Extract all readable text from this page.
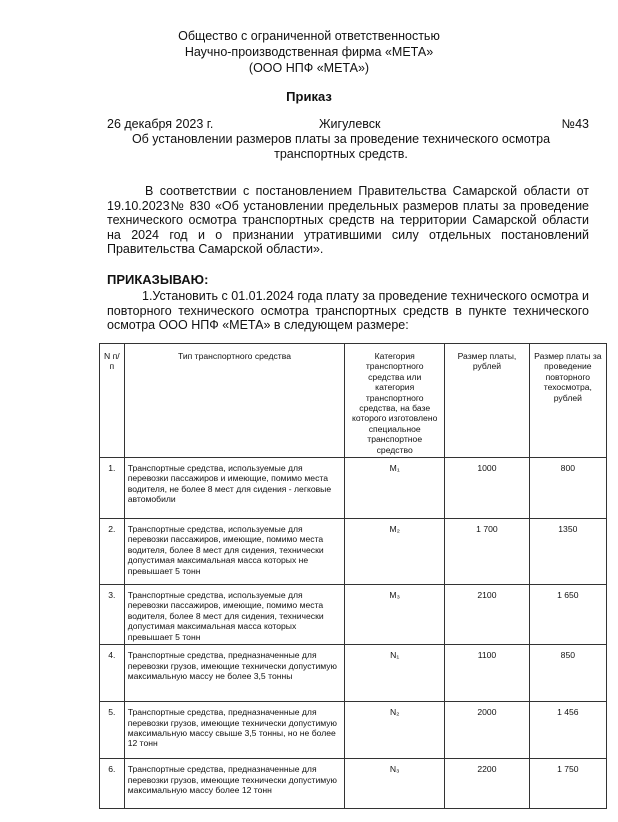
Общество с ограниченной ответственностью
Научно-производственная фирма «МЕТА»
(ООО НПФ «МЕТА»)
Приказ
26 декабря 2023 г.	Жигулевск	№43
Об установлении размеров платы за проведение технического осмотра транспортных средств.
В соответствии с постановлением Правительства Самарской области от 19.10.2023№ 830 «Об установлении предельных размеров платы за проведение технического осмотра транспортных средств на территории Самарской области на 2024 год и о признании утратившими силу отдельных постановлений Правительства Самарской области».
ПРИКАЗЫВАЮ:
1.Установить с 01.01.2024 года плату за проведение технического осмотра и повторного технического осмотра транспортных средств в пункте технического осмотра ООО НПФ «МЕТА» в следующем размере:
N п/п	Тип транспортного средства	Категория транспортного средства или категория транспортного средства, на базе которого изготовлено специальное транспортное средство	Размер платы, рублей	Размер платы за проведение повторного техосмотра, рублей
1.	Транспортные средства, используемые для перевозки пассажиров и имеющие, помимо места водителя, не более 8 мест для сидения - легковые автомобили	M₁	1000	800
2.	Транспортные средства, используемые для перевозки пассажиров, имеющие, помимо места водителя, более 8 мест для сидения, технически допустимая максимальная масса которых не превышает 5 тонн	M₂	1 700	1350
3.	Транспортные средства, используемые для перевозки пассажиров, имеющие, помимо места водителя, более 8 мест для сидения, технически допустимая максимальная масса которых превышает 5 тонн	M₃	2100	1 650
4.	Транспортные средства, предназначенные для перевозки грузов, имеющие технически допустимую максимальную массу не более 3,5 тонны	N₁	1100	850
5.	Транспортные средства, предназначенные для перевозки грузов, имеющие технически допустимую максимальную массу свыше 3,5 тонны, но не более 12 тонн	N₂	2000	1 456
6.	Транспортные средства, предназначенные для перевозки грузов, имеющие технически допустимую максимальную массу более 12 тонн	N₃	2200	1 750
